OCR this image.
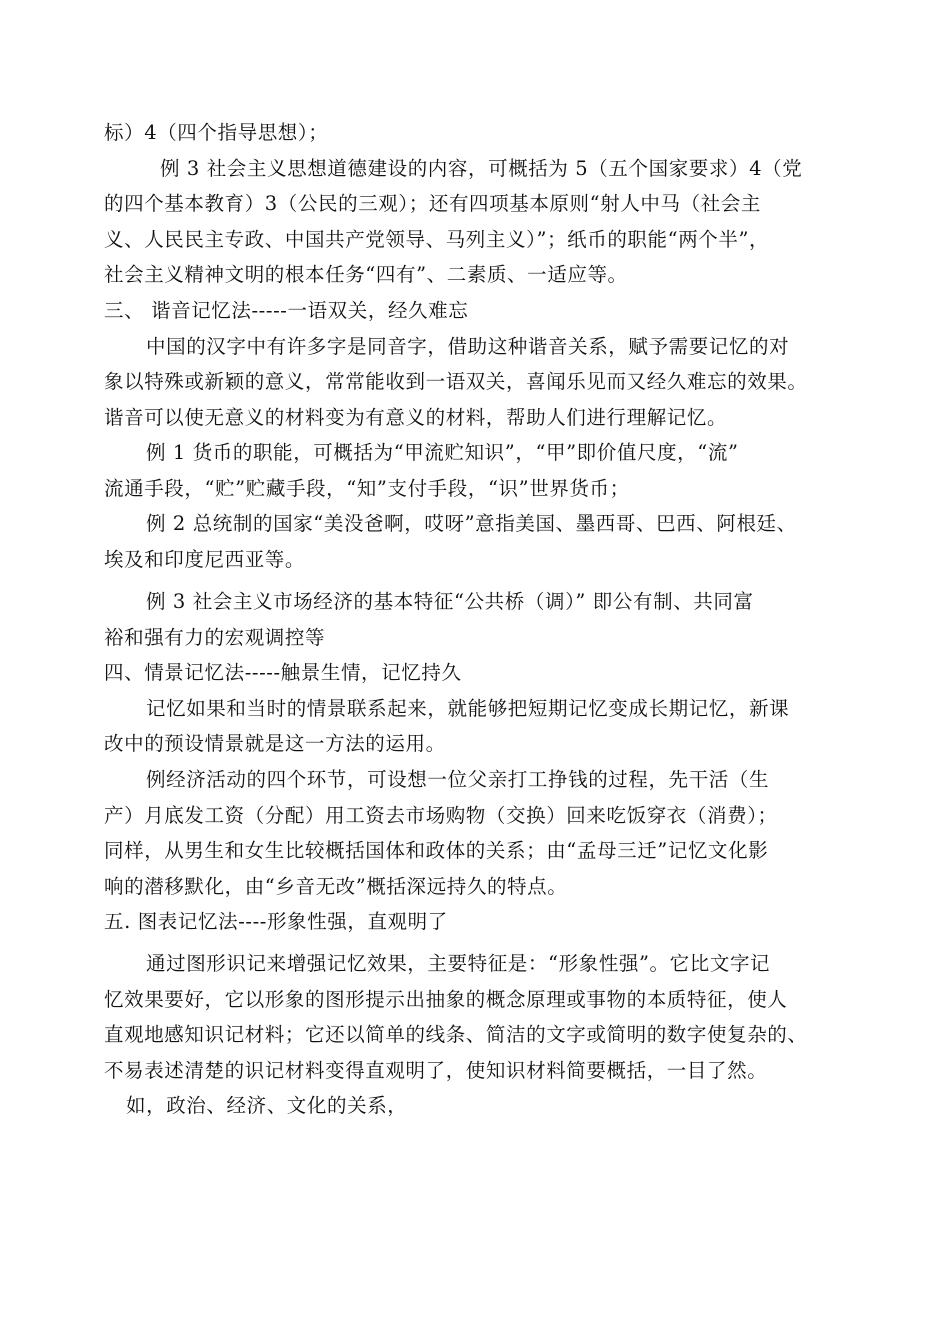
标）4（四个指导思想）；
例 3 社会主义思想道德建设的内容，可概括为 5（五个国家要求）4（党
的四个基本教育）3（公民的三观）；还有四项基本原则“射人中马（社会主
义、人民民主专政、中国共产党领导、马列主义）”；纸币的职能“两个半”，
社会主义精神文明的根本任务“四有”、二素质、一适应等。
三、 谐音记忆法-----一语双关，经久难忘
中国的汉字中有许多字是同音字，借助这种谐音关系，赋予需要记忆的对
象以特殊或新颖的意义，常常能收到一语双关，喜闻乐见而又经久难忘的效果。
谐音可以使无意义的材料变为有意义的材料，帮助人们进行理解记忆。
例 1 货币的职能，可概括为“甲流贮知识”，“甲”即价值尺度，“流”
流通手段，“贮”贮藏手段，“知”支付手段，“识”世界货币；
例 2 总统制的国家“美没爸啊，哎呀”意指美国、墨西哥、巴西、阿根廷、
埃及和印度尼西亚等。
例 3 社会主义市场经济的基本特征“公共桥（调）” 即公有制、共同富
裕和强有力的宏观调控等
四、情景记忆法-----触景生情，记忆持久
记忆如果和当时的情景联系起来，就能够把短期记忆变成长期记忆，新课
改中的预设情景就是这一方法的运用。
例经济活动的四个环节，可设想一位父亲打工挣钱的过程，先干活（生
产）月底发工资（分配）用工资去市场购物（交换）回来吃饭穿衣（消费）；
同样，从男生和女生比较概括国体和政体的关系；由“孟母三迁”记忆文化影
响的潜移默化，由“乡音无改”概括深远持久的特点。
五. 图表记忆法----形象性强，直观明了
通过图形识记来增强记忆效果，主要特征是：“形象性强”。它比文字记
忆效果要好，它以形象的图形提示出抽象的概念原理或事物的本质特征，使人
直观地感知识记材料；它还以简单的线条、简洁的文字或简明的数字使复杂的、
不易表述清楚的识记材料变得直观明了，使知识材料简要概括，一目了然。
如，政治、经济、文化的关系，
